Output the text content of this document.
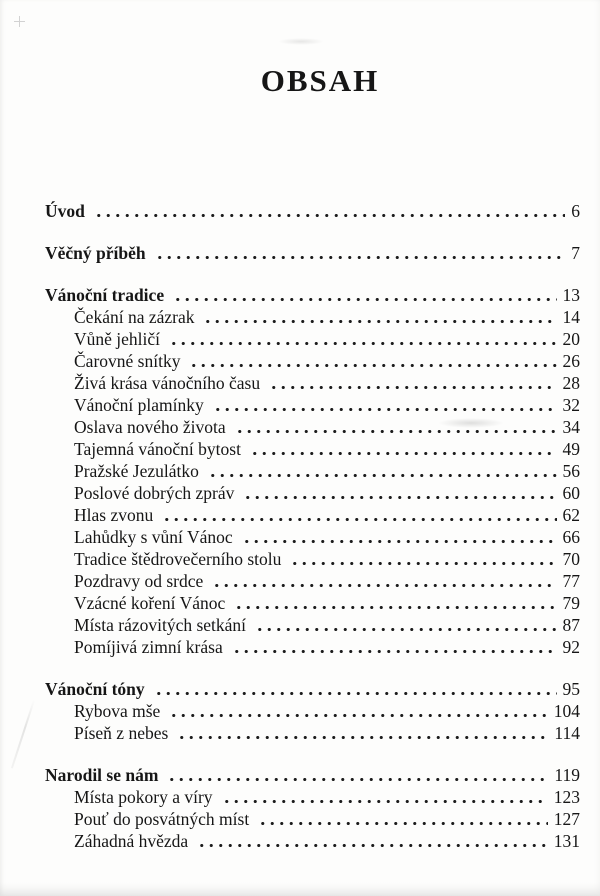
OBSAH
Úvod	6
Věčný příběh	7
Vánoční tradice	13
Čekání na zázrak	14
Vůně jehličí	20
Čarovné snítky	26
Živá krása vánočního času	28
Vánoční plamínky	32
Oslava nového života	34
Tajemná vánoční bytost	49
Pražské Jezulátko	56
Poslové dobrých zpráv	60
Hlas zvonu	62
Lahůdky s vůní Vánoc	66
Tradice štědrovečerního stolu	70
Pozdravy od srdce	77
Vzácné koření Vánoc	79
Místa rázovitých setkání	87
Pomíjivá zimní krása	92
Vánoční tóny	95
Rybova mše	104
Píseň z nebes	114
Narodil se nám	119
Místa pokory a víry	123
Pouť do posvátných míst	127
Záhadná hvězda	131
